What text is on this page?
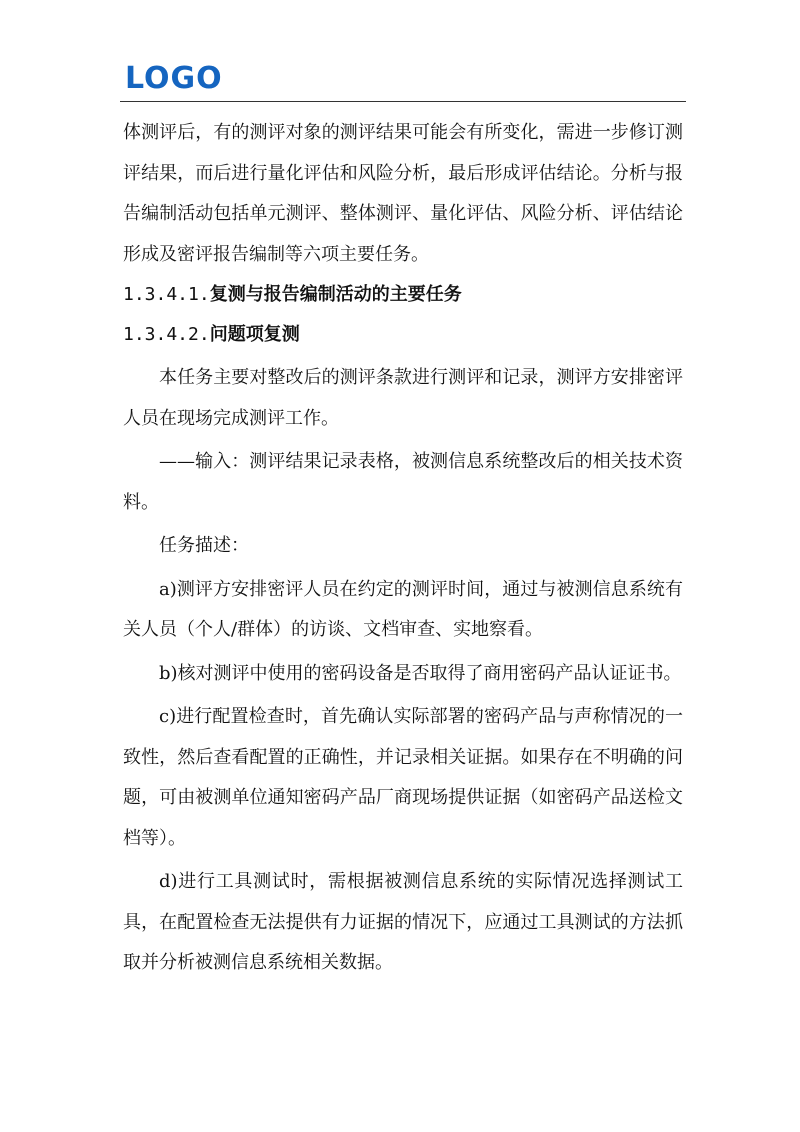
LOGO

体测评后，有的测评对象的测评结果可能会有所变化，需进一步修订测评结果，而后进行量化评估和风险分析，最后形成评估结论。分析与报告编制活动包括单元测评、整体测评、量化评估、风险分析、评估结论形成及密评报告编制等六项主要任务。

1.3.4.1.复测与报告编制活动的主要任务

1.3.4.2.问题项复测

本任务主要对整改后的测评条款进行测评和记录，测评方安排密评人员在现场完成测评工作。

——输入：测评结果记录表格，被测信息系统整改后的相关技术资料。

任务描述：

a)测评方安排密评人员在约定的测评时间，通过与被测信息系统有关人员（个人/群体）的访谈、文档审查、实地察看。

b)核对测评中使用的密码设备是否取得了商用密码产品认证证书。

c)进行配置检查时，首先确认实际部署的密码产品与声称情况的一致性，然后查看配置的正确性，并记录相关证据。如果存在不明确的问题，可由被测单位通知密码产品厂商现场提供证据（如密码产品送检文档等）。

d)进行工具测试时，需根据被测信息系统的实际情况选择测试工具，在配置检查无法提供有力证据的情况下，应通过工具测试的方法抓取并分析被测信息系统相关数据。
